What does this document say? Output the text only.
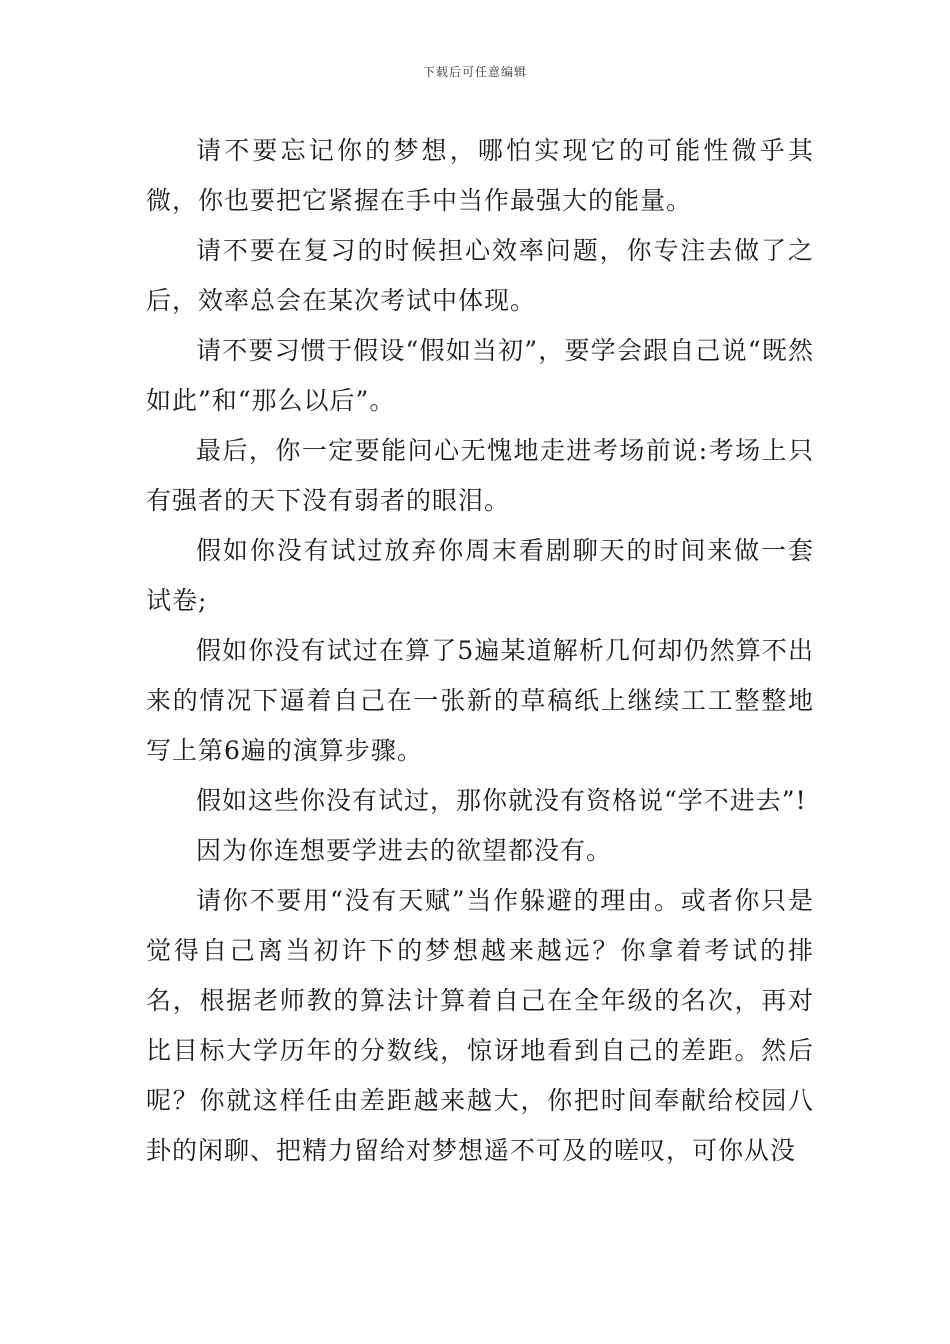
下载后可任意编辑

请不要忘记你的梦想，哪怕实现它的可能性微乎其微，你也要把它紧握在手中当作最强大的能量。

请不要在复习的时候担心效率问题，你专注去做了之后，效率总会在某次考试中体现。

请不要习惯于假设“假如当初”，要学会跟自己说“既然如此”和“那么以后”。

最后，你一定要能问心无愧地走进考场前说:考场上只有强者的天下没有弱者的眼泪。

假如你没有试过放弃你周末看剧聊天的时间来做一套试卷;

假如你没有试过在算了5遍某道解析几何却仍然算不出来的情况下逼着自己在一张新的草稿纸上继续工工整整地写上第6遍的演算步骤。

假如这些你没有试过，那你就没有资格说“学不进去”!

因为你连想要学进去的欲望都没有。

请你不要用“没有天赋”当作躲避的理由。或者你只是觉得自己离当初许下的梦想越来越远？你拿着考试的排名，根据老师教的算法计算着自己在全年级的名次，再对比目标大学历年的分数线，惊讶地看到自己的差距。然后呢？你就这样任由差距越来越大，你把时间奉献给校园八卦的闲聊、把精力留给对梦想遥不可及的嗟叹，可你从没
